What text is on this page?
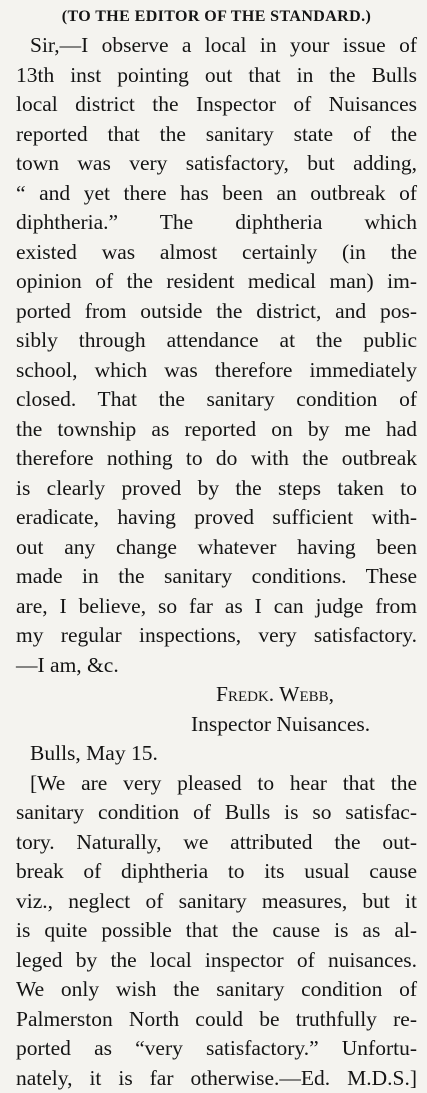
(TO THE EDITOR OF THE STANDARD.)
Sir,—I observe a local in your issue of
13th inst pointing out that in the Bulls
local district the Inspector of Nuisances
reported that the sanitary state of the
town was very satisfactory, but adding,
“ and yet there has been an outbreak of
diphtheria.” The diphtheria which
existed was almost certainly (in the
opinion of the resident medical man) im-
ported from outside the district, and pos-
sibly through attendance at the public
school, which was therefore immediately
closed. That the sanitary condition of
the township as reported on by me had
therefore nothing to do with the outbreak
is clearly proved by the steps taken to
eradicate, having proved sufficient with-
out any change whatever having been
made in the sanitary conditions. These
are, I believe, so far as I can judge from
my regular inspections, very satisfactory.
—I am, &c.
Fredk. Webb,
Inspector Nuisances.
Bulls, May 15.
[We are very pleased to hear that the
sanitary condition of Bulls is so satisfac-
tory. Naturally, we attributed the out-
break of diphtheria to its usual cause
viz., neglect of sanitary measures, but it
is quite possible that the cause is as al-
leged by the local inspector of nuisances.
We only wish the sanitary condition of
Palmerston North could be truthfully re-
ported as “very satisfactory.” Unfortu-
nately, it is far otherwise.—Ed. M.D.S.]
